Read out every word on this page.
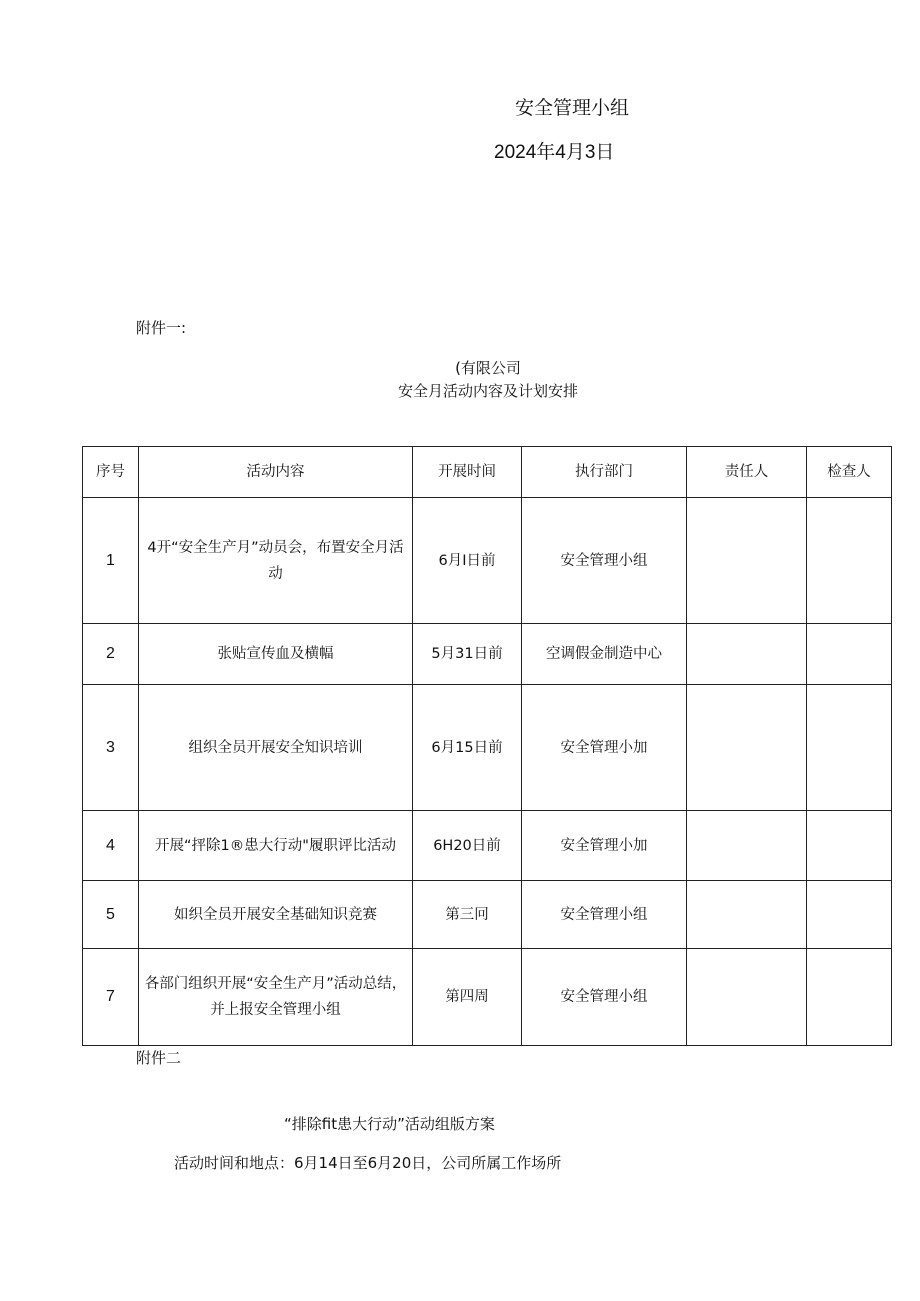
安全管理小组
2024年4月3日
附件一:
(有限公司
安全月活动内容及计划安排
序号	活动内容	开展时间	执行部门	责任人	检查人
1	4开“安全生产月”动员会，布置安全月活动	6月I日前	安全管理小组		
2	张贴宣传血及横幅	5月31日前	空调假金制造中心		
3	组织全员开展安全知识培训	6月15日前	安全管理小加		
4	开展“抨除1®患大行动"履职评比活动	6H20日前	安全管理小加		
5	如织全员开展安全基础知识竞赛	第三冋	安全管理小组		
7	各部门组织开展“安全生产月”活动总结，并上报安全管理小组	第四周	安全管理小组		
附件二
“排除fit患大行动”活动组版方案
活动时间和地点：6月14日至6月20日，公司所属工作场所
